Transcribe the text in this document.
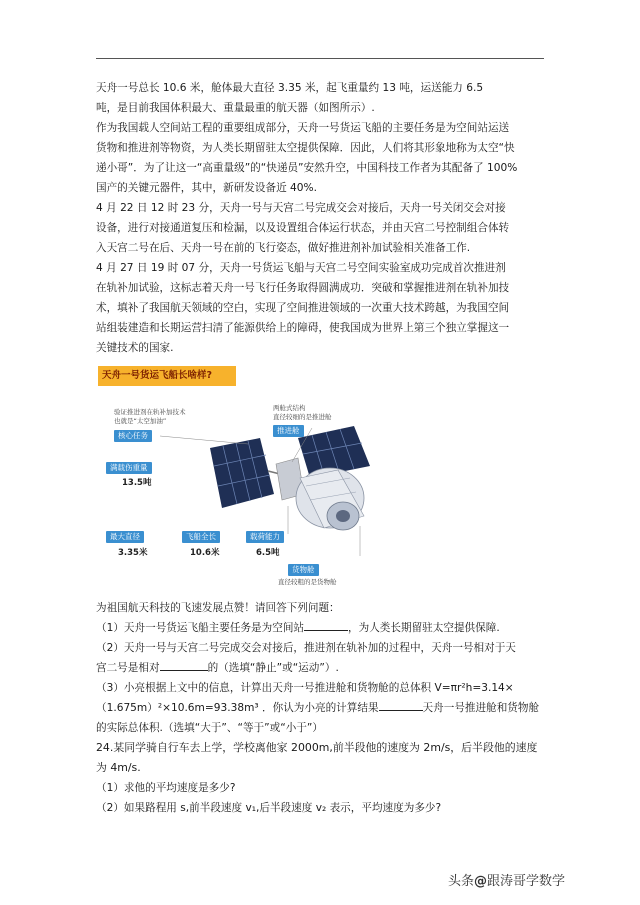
天舟一号总长 10.6 米，舱体最大直径 3.35 米，起飞重量约 13 吨，运送能力 6.5
吨，是目前我国体积最大、重量最重的航天器（如图所示）.
作为我国载人空间站工程的重要组成部分，天舟一号货运飞船的主要任务是为空间站运送
货物和推进剂等物资，为人类长期留驻太空提供保障．因此，人们将其形象地称为太空“快
递小哥”．为了让这一“高重量级”的“快递员”安然升空，中国科技工作者为其配备了 100%
国产的关键元器件，其中，新研发设备近 40%.
4 月 22 日 12 时 23 分，天舟一号与天宫二号完成交会对接后，天舟一号关闭交会对接
设备，进行对接通道复压和检漏，以及设置组合体运行状态，并由天宫二号控制组合体转
入天宫二号在后、天舟一号在前的飞行姿态，做好推进剂补加试验相关准备工作.
4 月 27 日 19 时 07 分，天舟一号货运飞船与天宫二号空间实验室成功完成首次推进剂
在轨补加试验，这标志着天舟一号飞行任务取得圆满成功．突破和掌握推进剂在轨补加技
术，填补了我国航天领域的空白，实现了空间推进领域的一次重大技术跨越，为我国空间
站组装建造和长期运营扫清了能源供给上的障碍，使我国成为世界上第三个独立掌握这一
关键技术的国家.
天舟一号货运飞船长啥样?
验证推进剂在轨补加技术
也就是“太空加油”
核心任务
两舱式结构
直径较细的是推进舱
推进舱
满载伤重量
13.5吨
最大直径
3.35米
飞船全长
10.6米
载荷能力
6.5吨
货物舱
直径较粗的是货物舱
为祖国航天科技的飞速发展点赞！请回答下列问题：
（1）天舟一号货运飞船主要任务是为空间站	，为人类长期留驻太空提供保障.
（2）天舟一号与天宫二号完成交会对接后，推进剂在轨补加的过程中，天舟一号相对于天
宫二号是相对	的（选填“静止”或“运动”）.
（3）小亮根据上文中的信息，计算出天舟一号推进舱和货物舱的总体积 V=πr²h=3.14×
（1.675m）²×10.6m=93.38m³ ．你认为小亮的计算结果	天舟一号推进舱和货物舱
的实际总体积.（选填“大于”、“等于”或“小于”）
24.某同学骑自行车去上学，学校离他家 2000m,前半段他的速度为 2m/s，后半段他的速度
为 4m/s.
（1）求他的平均速度是多少?
（2）如果路程用 s,前半段速度 v₁,后半段速度 v₂ 表示，平均速度为多少?
头条@跟涛哥学数学
